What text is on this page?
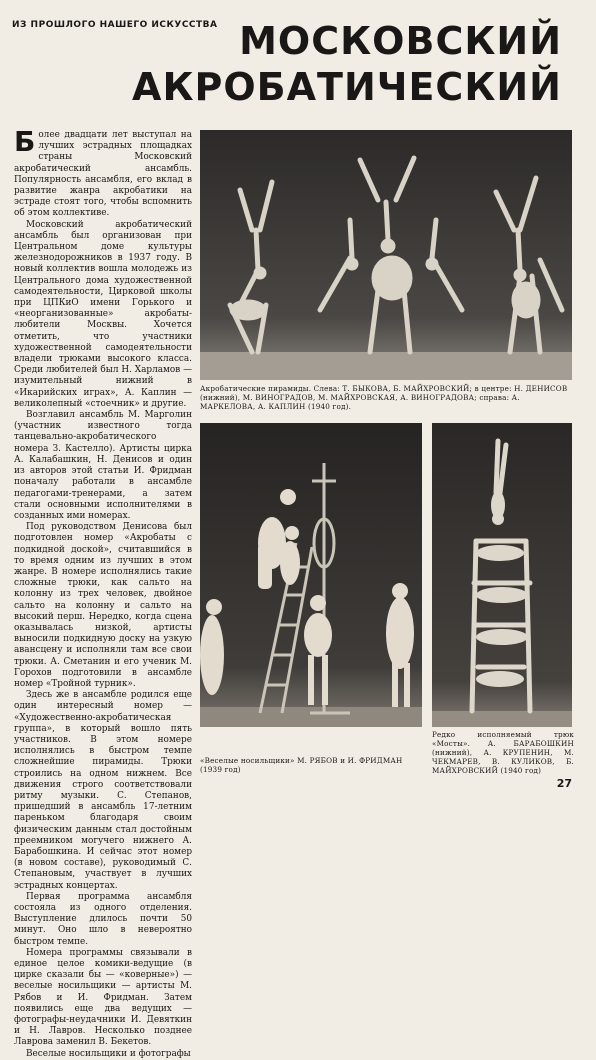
ИЗ ПРОШЛОГО НАШЕГО ИСКУССТВА МОСКОВСКИЙ
АКРОБАТИЧЕСКИЙ

Более двадцати лет выступал на лучших эстрадных площадках страны Московский акробатический ансамбль. Популярность ансамбля, его вклад в развитие жанра акробатики на эстраде стоят того, чтобы вспомнить об этом коллективе.

Московский акробатический ансамбль был организован при Центральном доме культуры железнодорожников в 1937 году. В новый коллектив вошла молодежь из Центрального дома художественной самодеятельности, Цирковой школы при ЦПКиО имени Горького и «неорганизованные» акробаты-любители Москвы. Хочется отметить, что участники художественной самодеятельности владели трюками высокого класса. Среди любителей был Н. Харламов — изумительный нижний в «Икарийских играх», А. Каплин — великолепный «стоечник» и другие.

Возглавил ансамбль М. Марголин (участник известного тогда танцевально-акробатического номера З. Кастелло). Артисты цирка А. Калабашкин, Н. Денисов и один из авторов этой статьи И. Фридман поначалу работали в ансамбле педагогами-тренерами, а затем стали основными исполнителями в созданных ими номерах.

Под руководством Денисова был подготовлен номер «Акробаты с подкидной доской», считавшийся в то время одним из лучших в этом жанре. В номере исполнялись такие сложные трюки, как сальто на колонну из трех человек, двойное сальто на колонну и сальто на высокий перш. Нередко, когда сцена оказывалась низкой, артисты выносили подкидную доску на узкую авансцену и исполняли там все свои трюки. А. Сметанин и его ученик М. Горохов подготовили в ансамбле номер «Тройной турник».

Здесь же в ансамбле родился еще один интересный номер — «Художественно-акробатическая группа», в который вошло пять участников. В этом номере исполнялись в быстром темпе сложнейшие пирамиды. Трюки строились на одном нижнем. Все движения строго соответствовали ритму музыки. С. Степанов, пришедший в ансамбль 17-летним пареньком благодаря своим физическим данным стал достойным преемником могучего нижнего А. Барабошкина. И сейчас этот номер (в новом составе), руководимый С. Степановым, участвует в лучших эстрадных концертах.

Первая программа ансамбля состояла из одного отделения. Выступление длилось почти 50 минут. Оно шло в невероятно быстром темпе.

Номера программы связывали в единое целое комики-ведущие (в цирке сказали бы — «коверные») — веселые носильщики — артисты М. Рябов и И. Фридман. Затем появились еще два ведущих — фотографы-неудачники И. Девяткин и Н. Лавров. Несколько позднее Лаврова заменил В. Бекетов.

Веселые носильщики и фотографы

Акробатические пирамиды. Слева: Т. БЫКОВА, Б. МАЙХРОВСКИЙ; в центре: Н. ДЕНИСОВ (нижний), М. ВИНОГРАДОВ, М. МАЙХРОВСКАЯ, А. ВИНОГРАДОВА; справа: А. МАРКЕЛОВА, А. КАПЛИН (1940 год).
«Веселые носильщики» М. РЯБОВ и И. ФРИДМАН (1939 год)
Редко исполняемый трюк «Мосты». А. БАРАБОШКИН (нижний), А. КРУПЕНИН, М. ЧЕКМАРЕВ, В. КУЛИКОВ, Б. МАЙХРОВСКИЙ (1940 год)
27
